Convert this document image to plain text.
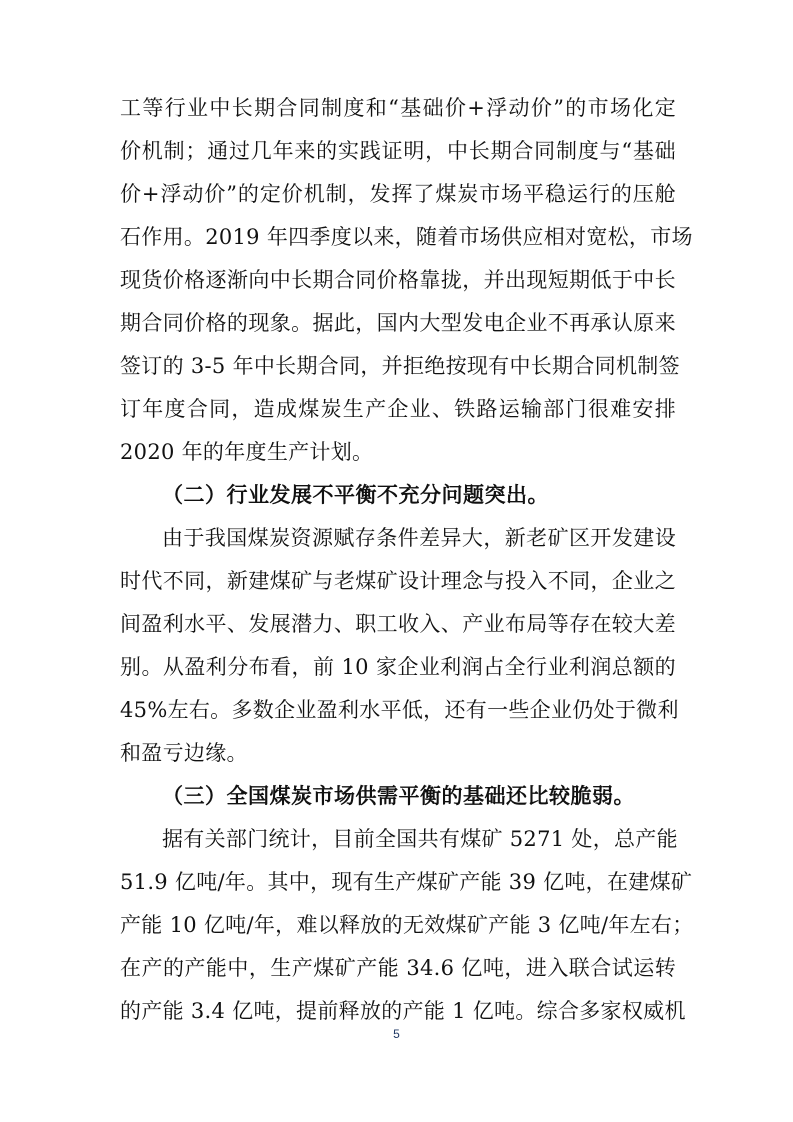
工等行业中长期合同制度和“基础价+浮动价”的市场化定
价机制；通过几年来的实践证明，中长期合同制度与“基础
价+浮动价”的定价机制，发挥了煤炭市场平稳运行的压舱
石作用。2019 年四季度以来，随着市场供应相对宽松，市场
现货价格逐渐向中长期合同价格靠拢，并出现短期低于中长
期合同价格的现象。据此，国内大型发电企业不再承认原来
签订的 3-5 年中长期合同，并拒绝按现有中长期合同机制签
订年度合同，造成煤炭生产企业、铁路运输部门很难安排
2020 年的年度生产计划。
（二）行业发展不平衡不充分问题突出。
由于我国煤炭资源赋存条件差异大，新老矿区开发建设
时代不同，新建煤矿与老煤矿设计理念与投入不同，企业之
间盈利水平、发展潜力、职工收入、产业布局等存在较大差
别。从盈利分布看，前 10 家企业利润占全行业利润总额的
45%左右。多数企业盈利水平低，还有一些企业仍处于微利
和盈亏边缘。
（三）全国煤炭市场供需平衡的基础还比较脆弱。
据有关部门统计，目前全国共有煤矿 5271 处，总产能
51.9 亿吨/年。其中，现有生产煤矿产能 39 亿吨，在建煤矿
产能 10 亿吨/年，难以释放的无效煤矿产能 3 亿吨/年左右；
在产的产能中，生产煤矿产能 34.6 亿吨，进入联合试运转
的产能 3.4 亿吨，提前释放的产能 1 亿吨。综合多家权威机
5
